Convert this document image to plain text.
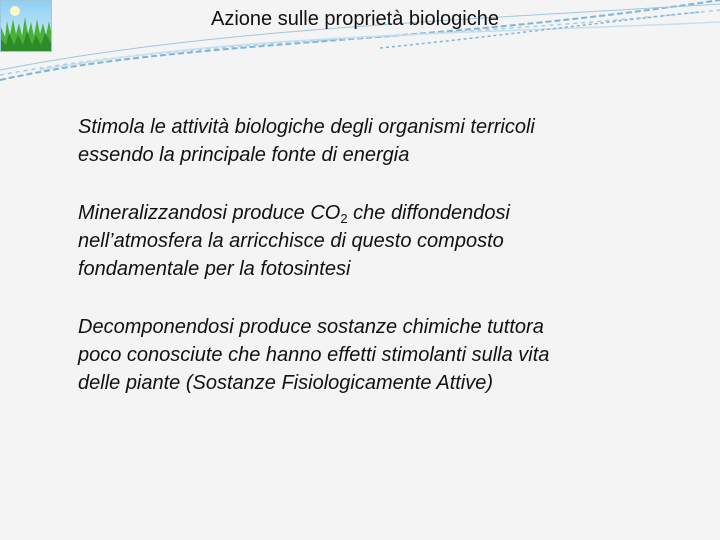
Azione sulle proprietà biologiche
Stimola le attività biologiche degli organismi terricoli
essendo la principale fonte di energia
Mineralizzandosi produce $CO_2$ che diffondendosi
nell’atmosfera la arricchisce di questo composto
fondamentale per la fotosintesi
Decomponendosi produce sostanze chimiche tuttora
poco conosciute che hanno effetti stimolanti sulla vita
delle piante (Sostanze Fisiologicamente Attive)
